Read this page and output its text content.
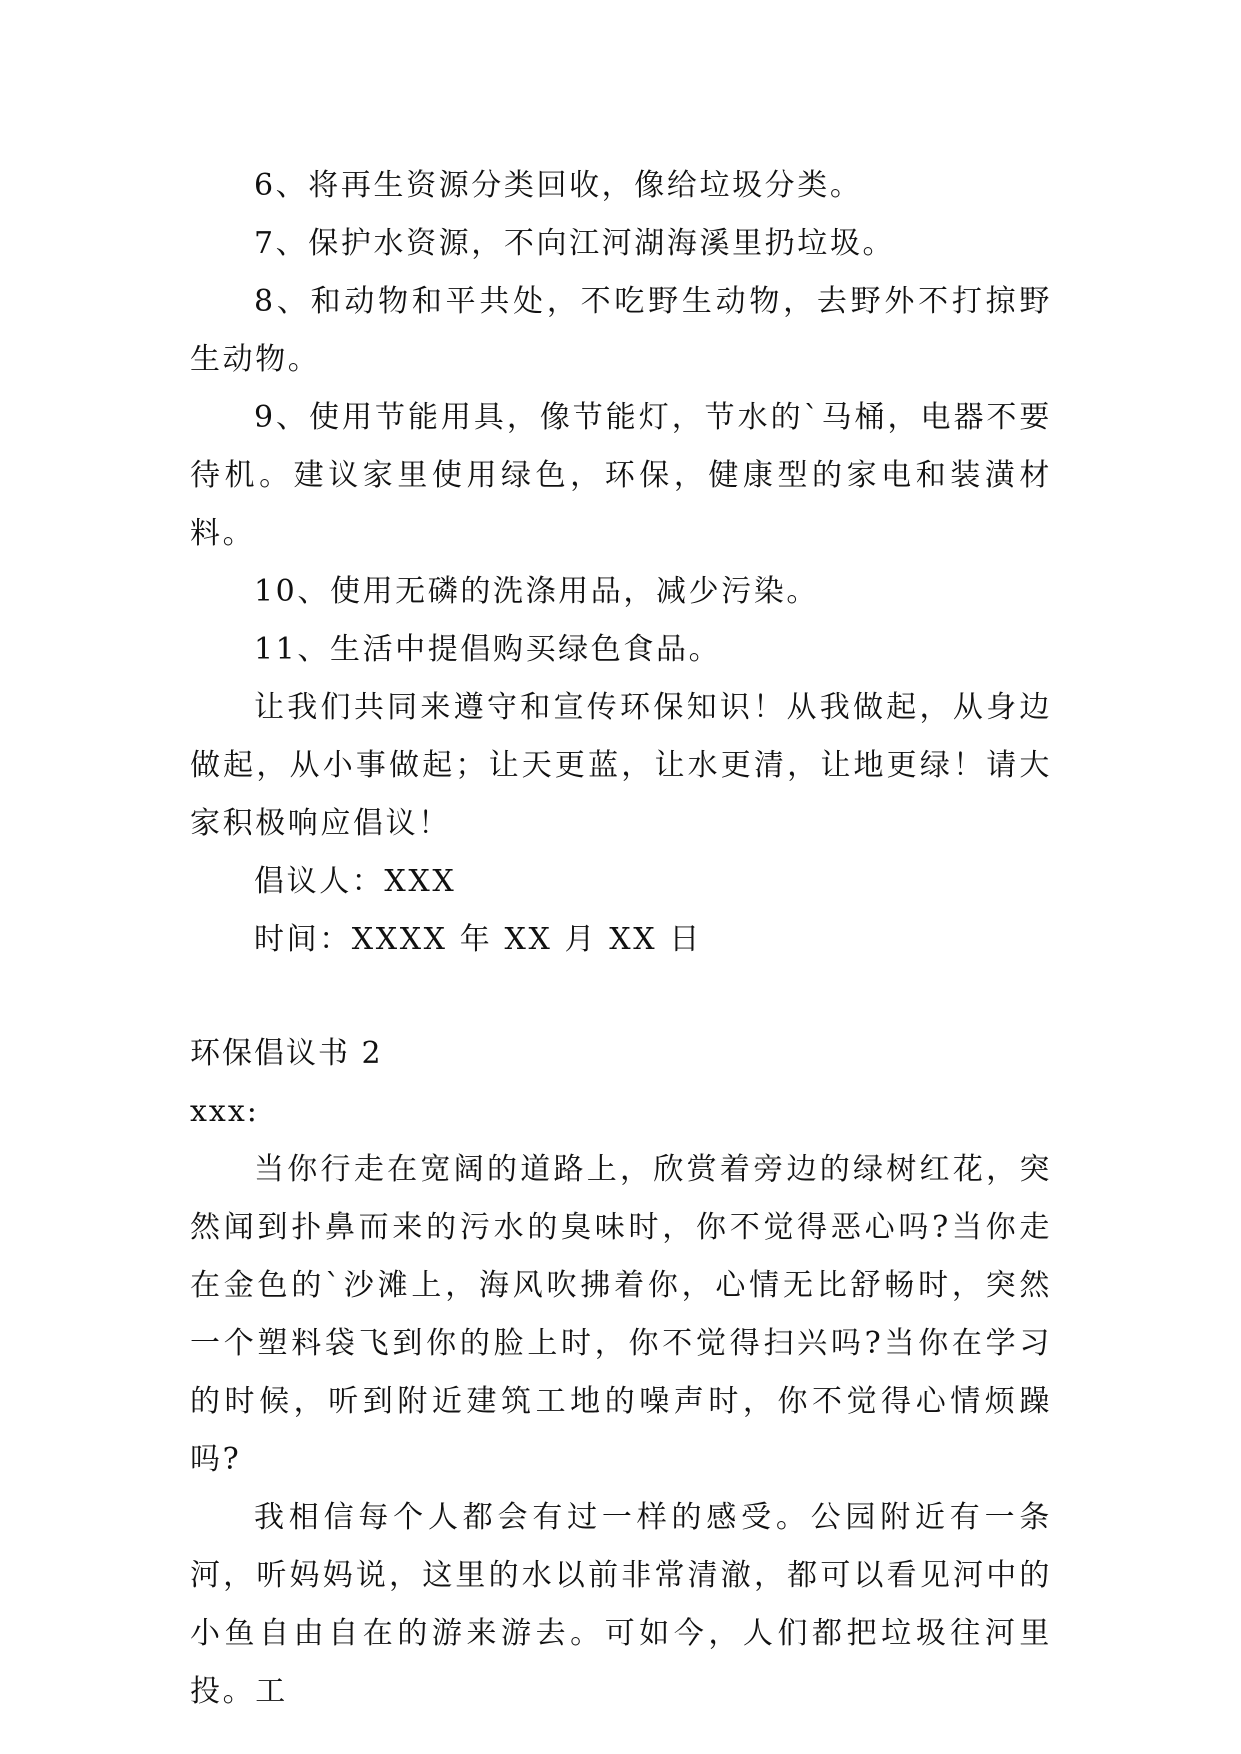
6、将再生资源分类回收，像给垃圾分类。

7、保护水资源，不向江河湖海溪里扔垃圾。

8、和动物和平共处，不吃野生动物，去野外不打掠野生动物。

9、使用节能用具，像节能灯，节水的`马桶，电器不要待机。建议家里使用绿色，环保，健康型的家电和装潢材料。

10、使用无磷的洗涤用品，减少污染。

11、生活中提倡购买绿色食品。

让我们共同来遵守和宣传环保知识！从我做起，从身边做起，从小事做起；让天更蓝，让水更清，让地更绿！请大家积极响应倡议！

倡议人：XXX

时间：XXXX 年 XX 月 XX 日

环保倡议书 2

xxx:

当你行走在宽阔的道路上，欣赏着旁边的绿树红花，突然闻到扑鼻而来的污水的臭味时，你不觉得恶心吗?当你走在金色的`沙滩上，海风吹拂着你，心情无比舒畅时，突然一个塑料袋飞到你的脸上时，你不觉得扫兴吗?当你在学习的时候，听到附近建筑工地的噪声时，你不觉得心情烦躁吗?

我相信每个人都会有过一样的感受。公园附近有一条河，听妈妈说，这里的水以前非常清澈，都可以看见河中的小鱼自由自在的游来游去。可如今，人们都把垃圾往河里投。工
